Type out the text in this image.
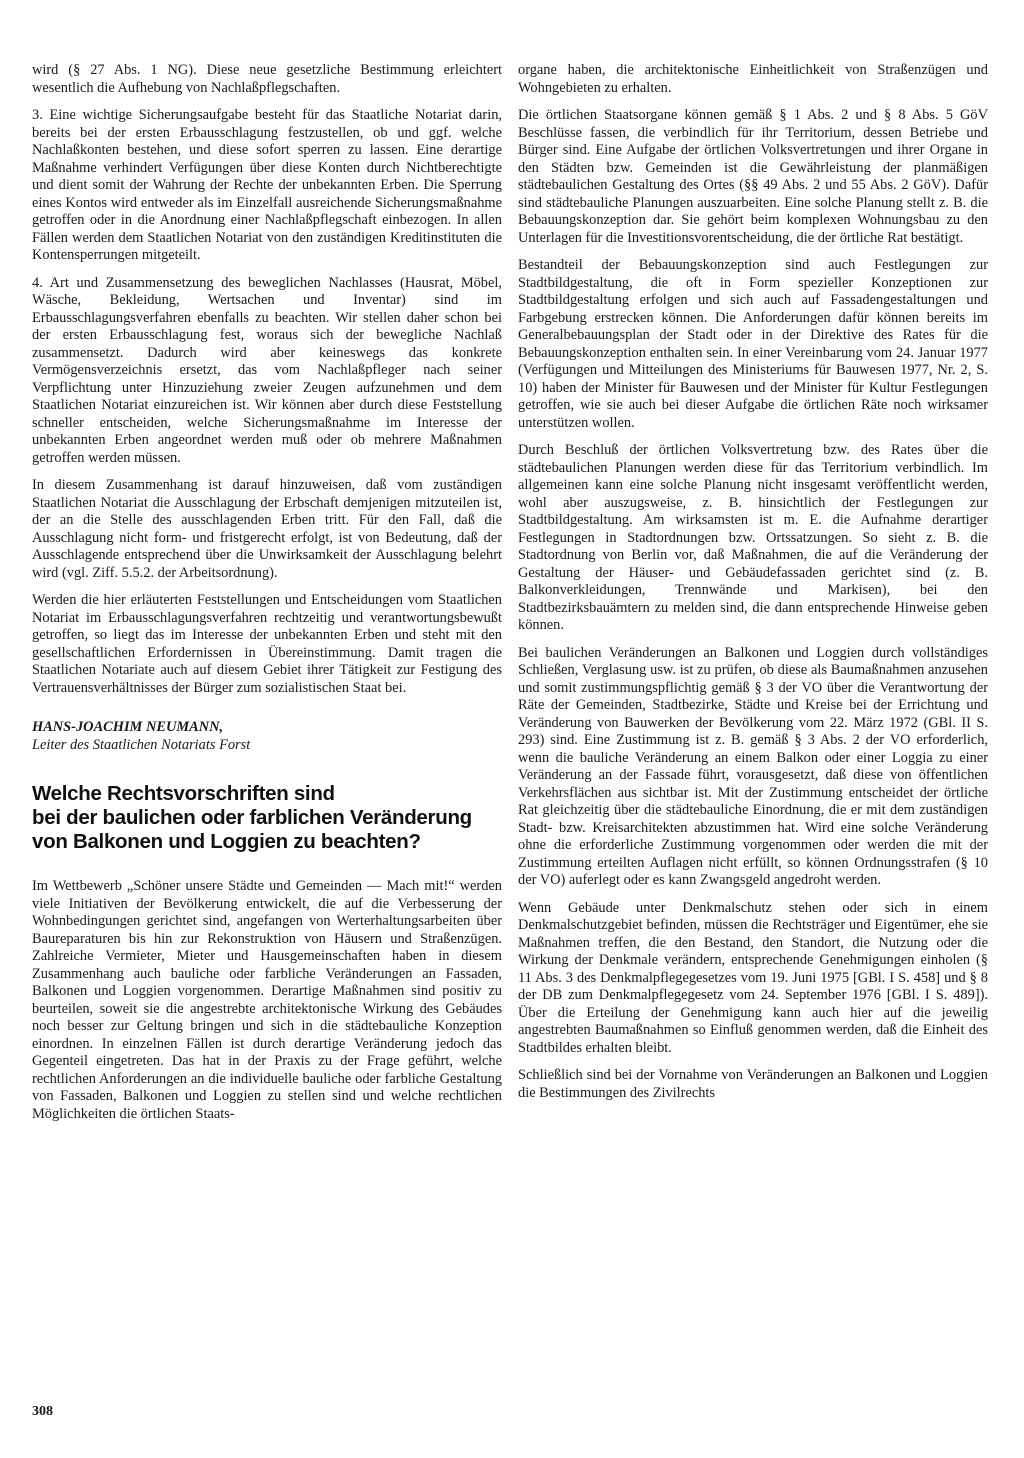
wird (§ 27 Abs. 1 NG). Diese neue gesetzliche Bestimmung erleichtert wesentlich die Aufhebung von Nachlaßpflegschaften.

3. Eine wichtige Sicherungsaufgabe besteht für das Staatliche Notariat darin, bereits bei der ersten Erbausschlagung festzustellen, ob und ggf. welche Nachlaßkonten bestehen, und diese sofort sperren zu lassen. Eine derartige Maßnahme verhindert Verfügungen über diese Konten durch Nichtberechtigte und dient somit der Wahrung der Rechte der unbekannten Erben. Die Sperrung eines Kontos wird entweder als im Einzelfall ausreichende Sicherungsmaßnahme getroffen oder in die Anordnung einer Nachlaßpflegschaft einbezogen. In allen Fällen werden dem Staatlichen Notariat von den zuständigen Kreditinstituten die Kontensperrungen mitgeteilt.

4. Art und Zusammensetzung des beweglichen Nachlasses (Hausrat, Möbel, Wäsche, Bekleidung, Wertsachen und Inventar) sind im Erbausschlagungsverfahren ebenfalls zu beachten. Wir stellen daher schon bei der ersten Erbausschlagung fest, woraus sich der bewegliche Nachlaß zusammensetzt. Dadurch wird aber keineswegs das konkrete Vermögensverzeichnis ersetzt, das vom Nachlaßpfleger nach seiner Verpflichtung unter Hinzuziehung zweier Zeugen aufzunehmen und dem Staatlichen Notariat einzureichen ist. Wir können aber durch diese Feststellung schneller entscheiden, welche Sicherungsmaßnahme im Interesse der unbekannten Erben angeordnet werden muß oder ob mehrere Maßnahmen getroffen werden müssen.

In diesem Zusammenhang ist darauf hinzuweisen, daß vom zuständigen Staatlichen Notariat die Ausschlagung der Erbschaft demjenigen mitzuteilen ist, der an die Stelle des ausschlagenden Erben tritt. Für den Fall, daß die Ausschlagung nicht form- und fristgerecht erfolgt, ist von Bedeutung, daß der Ausschlagende entsprechend über die Unwirksamkeit der Ausschlagung belehrt wird (vgl. Ziff. 5.5.2. der Arbeitsordnung).

Werden die hier erläuterten Feststellungen und Entscheidungen vom Staatlichen Notariat im Erbausschlagungsverfahren rechtzeitig und verantwortungsbewußt getroffen, so liegt das im Interesse der unbekannten Erben und steht mit den gesellschaftlichen Erfordernissen in Übereinstimmung. Damit tragen die Staatlichen Notariate auch auf diesem Gebiet ihrer Tätigkeit zur Festigung des Vertrauensverhältnisses der Bürger zum sozialistischen Staat bei.

HANS-JOACHIM NEUMANN,
Leiter des Staatlichen Notariats Forst
Welche Rechtsvorschriften sind
bei der baulichen oder farblichen Veränderung
von Balkonen und Loggien zu beachten?

Im Wettbewerb „Schöner unsere Städte und Gemeinden — Mach mit!“ werden viele Initiativen der Bevölkerung entwickelt, die auf die Verbesserung der Wohnbedingungen gerichtet sind, angefangen von Werterhaltungsarbeiten über Baureparaturen bis hin zur Rekonstruktion von Häusern und Straßenzügen. Zahlreiche Vermieter, Mieter und Hausgemeinschaften haben in diesem Zusammenhang auch bauliche oder farbliche Veränderungen an Fassaden, Balkonen und Loggien vorgenommen. Derartige Maßnahmen sind positiv zu beurteilen, soweit sie die angestrebte architektonische Wirkung des Gebäudes noch besser zur Geltung bringen und sich in die städtebauliche Konzeption einordnen. In einzelnen Fällen ist durch derartige Veränderung jedoch das Gegenteil eingetreten. Das hat in der Praxis zu der Frage geführt, welche rechtlichen Anforderungen an die individuelle bauliche oder farbliche Gestaltung von Fassaden, Balkonen und Loggien zu stellen sind und welche rechtlichen Möglichkeiten die örtlichen Staats-

organe haben, die architektonische Einheitlichkeit von Straßenzügen und Wohngebieten zu erhalten.

Die örtlichen Staatsorgane können gemäß § 1 Abs. 2 und § 8 Abs. 5 GöV Beschlüsse fassen, die verbindlich für ihr Territorium, dessen Betriebe und Bürger sind. Eine Aufgabe der örtlichen Volksvertretungen und ihrer Organe in den Städten bzw. Gemeinden ist die Gewährleistung der planmäßigen städtebaulichen Gestaltung des Ortes (§§ 49 Abs. 2 und 55 Abs. 2 GöV). Dafür sind städtebauliche Planungen auszuarbeiten. Eine solche Planung stellt z. B. die Bebauungskonzeption dar. Sie gehört beim komplexen Wohnungsbau zu den Unterlagen für die Investitionsvorentscheidung, die der örtliche Rat bestätigt.

Bestandteil der Bebauungskonzeption sind auch Festlegungen zur Stadtbildgestaltung, die oft in Form spezieller Konzeptionen zur Stadtbildgestaltung erfolgen und sich auch auf Fassadengestaltungen und Farbgebung erstrecken können. Die Anforderungen dafür können bereits im Generalbebauungsplan der Stadt oder in der Direktive des Rates für die Bebauungskonzeption enthalten sein. In einer Vereinbarung vom 24. Januar 1977 (Verfügungen und Mitteilungen des Ministeriums für Bauwesen 1977, Nr. 2, S. 10) haben der Minister für Bauwesen und der Minister für Kultur Festlegungen getroffen, wie sie auch bei dieser Aufgabe die örtlichen Räte noch wirksamer unterstützen wollen.

Durch Beschluß der örtlichen Volksvertretung bzw. des Rates über die städtebaulichen Planungen werden diese für das Territorium verbindlich. Im allgemeinen kann eine solche Planung nicht insgesamt veröffentlicht werden, wohl aber auszugsweise, z. B. hinsichtlich der Festlegungen zur Stadtbildgestaltung. Am wirksamsten ist m. E. die Aufnahme derartiger Festlegungen in Stadtordnungen bzw. Ortssatzungen. So sieht z. B. die Stadtordnung von Berlin vor, daß Maßnahmen, die auf die Veränderung der Gestaltung der Häuser- und Gebäudefassaden gerichtet sind (z. B. Balkonverkleidungen, Trennwände und Markisen), bei den Stadtbezirksbauämtern zu melden sind, die dann entsprechende Hinweise geben können.

Bei baulichen Veränderungen an Balkonen und Loggien durch vollständiges Schließen, Verglasung usw. ist zu prüfen, ob diese als Baumaßnahmen anzusehen und somit zustimmungspflichtig gemäß § 3 der VO über die Verantwortung der Räte der Gemeinden, Stadtbezirke, Städte und Kreise bei der Errichtung und Veränderung von Bauwerken der Bevölkerung vom 22. März 1972 (GBl. II S. 293) sind. Eine Zustimmung ist z. B. gemäß § 3 Abs. 2 der VO erforderlich, wenn die bauliche Veränderung an einem Balkon oder einer Loggia zu einer Veränderung an der Fassade führt, vorausgesetzt, daß diese von öffentlichen Verkehrsflächen aus sichtbar ist. Mit der Zustimmung entscheidet der örtliche Rat gleichzeitig über die städtebauliche Einordnung, die er mit dem zuständigen Stadt- bzw. Kreisarchitekten abzustimmen hat. Wird eine solche Veränderung ohne die erforderliche Zustimmung vorgenommen oder werden die mit der Zustimmung erteilten Auflagen nicht erfüllt, so können Ordnungsstrafen (§ 10 der VO) auferlegt oder es kann Zwangsgeld angedroht werden.

Wenn Gebäude unter Denkmalschutz stehen oder sich in einem Denkmalschutzgebiet befinden, müssen die Rechtsträger und Eigentümer, ehe sie Maßnahmen treffen, die den Bestand, den Standort, die Nutzung oder die Wirkung der Denkmale verändern, entsprechende Genehmigungen einholen (§ 11 Abs. 3 des Denkmalpflegegesetzes vom 19. Juni 1975 [GBl. I S. 458] und § 8 der DB zum Denkmalpflegegesetz vom 24. September 1976 [GBl. I S. 489]). Über die Erteilung der Genehmigung kann auch hier auf die jeweilig angestrebten Baumaßnahmen so Einfluß genommen werden, daß die Einheit des Stadtbildes erhalten bleibt.

Schließlich sind bei der Vornahme von Veränderungen an Balkonen und Loggien die Bestimmungen des Zivilrechts

308
